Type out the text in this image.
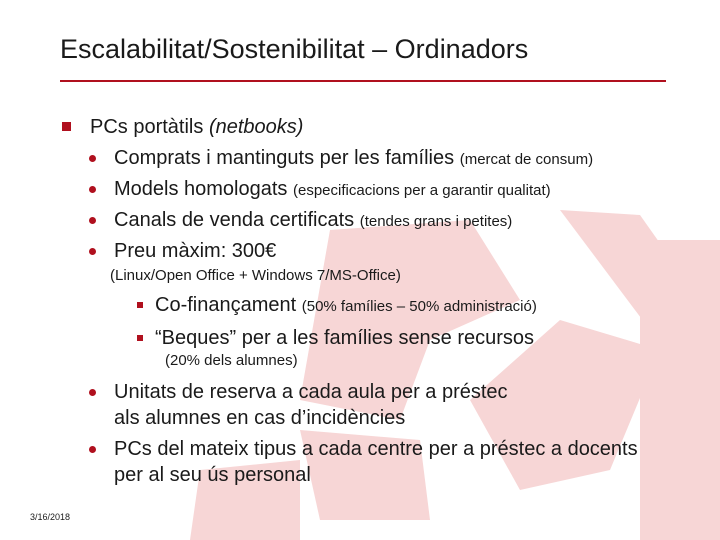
Escalabilitat/Sostenibilitat – Ordinadors
PCs portàtils (netbooks)
Comprats i mantinguts per les famílies (mercat de consum)
Models homologats (especificacions per a garantir qualitat)
Canals de venda certificats (tendes grans i petites)
Preu màxim: 300€
(Linux/Open Office + Windows 7/MS-Office)
Co-finançament (50% famílies – 50% administració)
“Beques” per a les famílies sense recursos
(20% dels alumnes)
Unitats de reserva a cada aula per a préstec
als alumnes en cas d’incidències
PCs del mateix tipus a cada centre per a préstec a docents
per al seu ús personal
3/16/2018
